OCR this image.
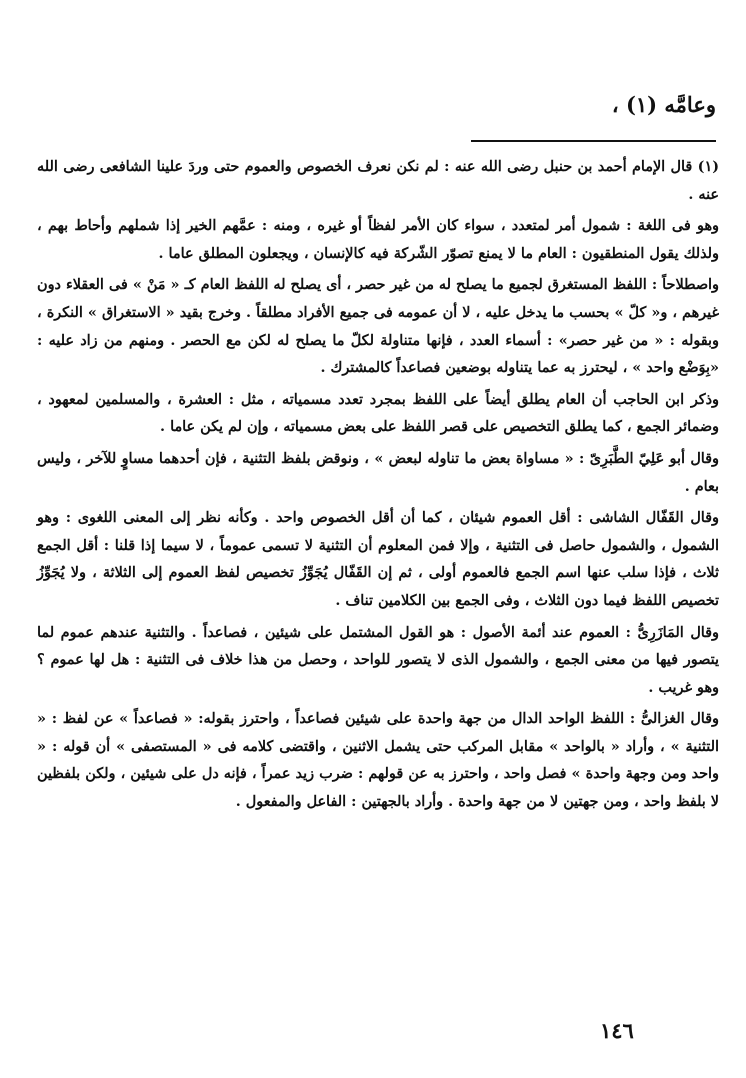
وعامَّه (١) ،

(١) قال الإمام أحمد بن حنبل رضى الله عنه : لم نكن نعرف الخصوص والعموم حتى وردَ علينا الشافعى رضى الله عنه .

وهو فى اللغة : شمول أمر لمتعدد ، سواء كان الأمر لفظاً أو غيره ، ومنه : عمَّهم الخير إذا شملهم وأحاط بهم ، ولذلك يقول المنطقيون : العام ما لا يمنع تصوّر الشّركة فيه كالإنسان ، ويجعلون المطلق عاما .

واصطلاحاً : اللفظ المستغرق لجميع ما يصلح له من غير حصر ، أى يصلح له اللفظ العام كـ « مَنْ » فى العقلاء دون غيرهم ، و« كلّ » بحسب ما يدخل عليه ، لا أن عمومه فى جميع الأفراد مطلقاً . وخرج بقيد « الاستغراق » النكرة ، وبقوله : « من غير حصر» : أسماء العدد ، فإنها متناولة لكلّ ما يصلح له لكن مع الحصر . ومنهم من زاد عليه : «بِوَضْع واحد » ، ليحترز به عما يتناوله بوضعين فصاعداً كالمشترك .

وذكر ابن الحاجب أن العام يطلق أيضاً على اللفظ بمجرد تعدد مسمياته ، مثل : العشرة ، والمسلمين لمعهود ، وضمائر الجمع ، كما يطلق التخصيص على قصر اللفظ على بعض مسمياته ، وإن لم يكن عاما .

وقال أبو عَلِيّ الطَّبَرِىّ : « مساواة بعض ما تناوله لبعض » ، ونوقض بلفظ التثنية ، فإن أحدهما مساوٍ للآخر ، وليس بعام .

وقال القَفّال الشاشى : أقل العموم شيئان ، كما أن أقل الخصوص واحد . وكأنه نظر إلى المعنى اللغوى : وهو الشمول ، والشمول حاصل فى التثنية ، وإلا فمن المعلوم أن التثنية لا تسمى عموماً ، لا سيما إذا قلنا : أقل الجمع ثلاث ، فإذا سلب عنها اسم الجمع فالعموم أولى ، ثم إن القَفّال يُجَوِّزُ تخصيص لفظ العموم إلى الثلاثة ، ولا يُجَوِّزُ تخصيص اللفظ فيما دون الثلاث ، وفى الجمع بين الكلامين تناف .

وقال المَازَرِىُّ : العموم عند أئمة الأصول : هو القول المشتمل على شيئين ، فصاعداً . والتثنية عندهم عموم لما يتصور فيها من معنى الجمع ، والشمول الذى لا يتصور للواحد ، وحصل من هذا خلاف فى التثنية : هل لها عموم ؟ وهو غريب .

وقال الغزالىُّ : اللفظ الواحد الدال من جهة واحدة على شيئين فصاعداً ، واحترز بقوله: « فصاعداً » عن لفظ : « التثنية » ، وأراد « بالواحد » مقابل المركب حتى يشمل الاثنين ، واقتضى كلامه فى « المستصفى » أن قوله : « واحد ومن وجهة واحدة » فصل واحد ، واحترز به عن قولهم : ضرب زيد عمراً ، فإنه دل على شيئين ، ولكن بلفظين لا بلفظ واحد ، ومن جهتين لا من جهة واحدة . وأراد بالجهتين : الفاعل والمفعول .

١٤٦
